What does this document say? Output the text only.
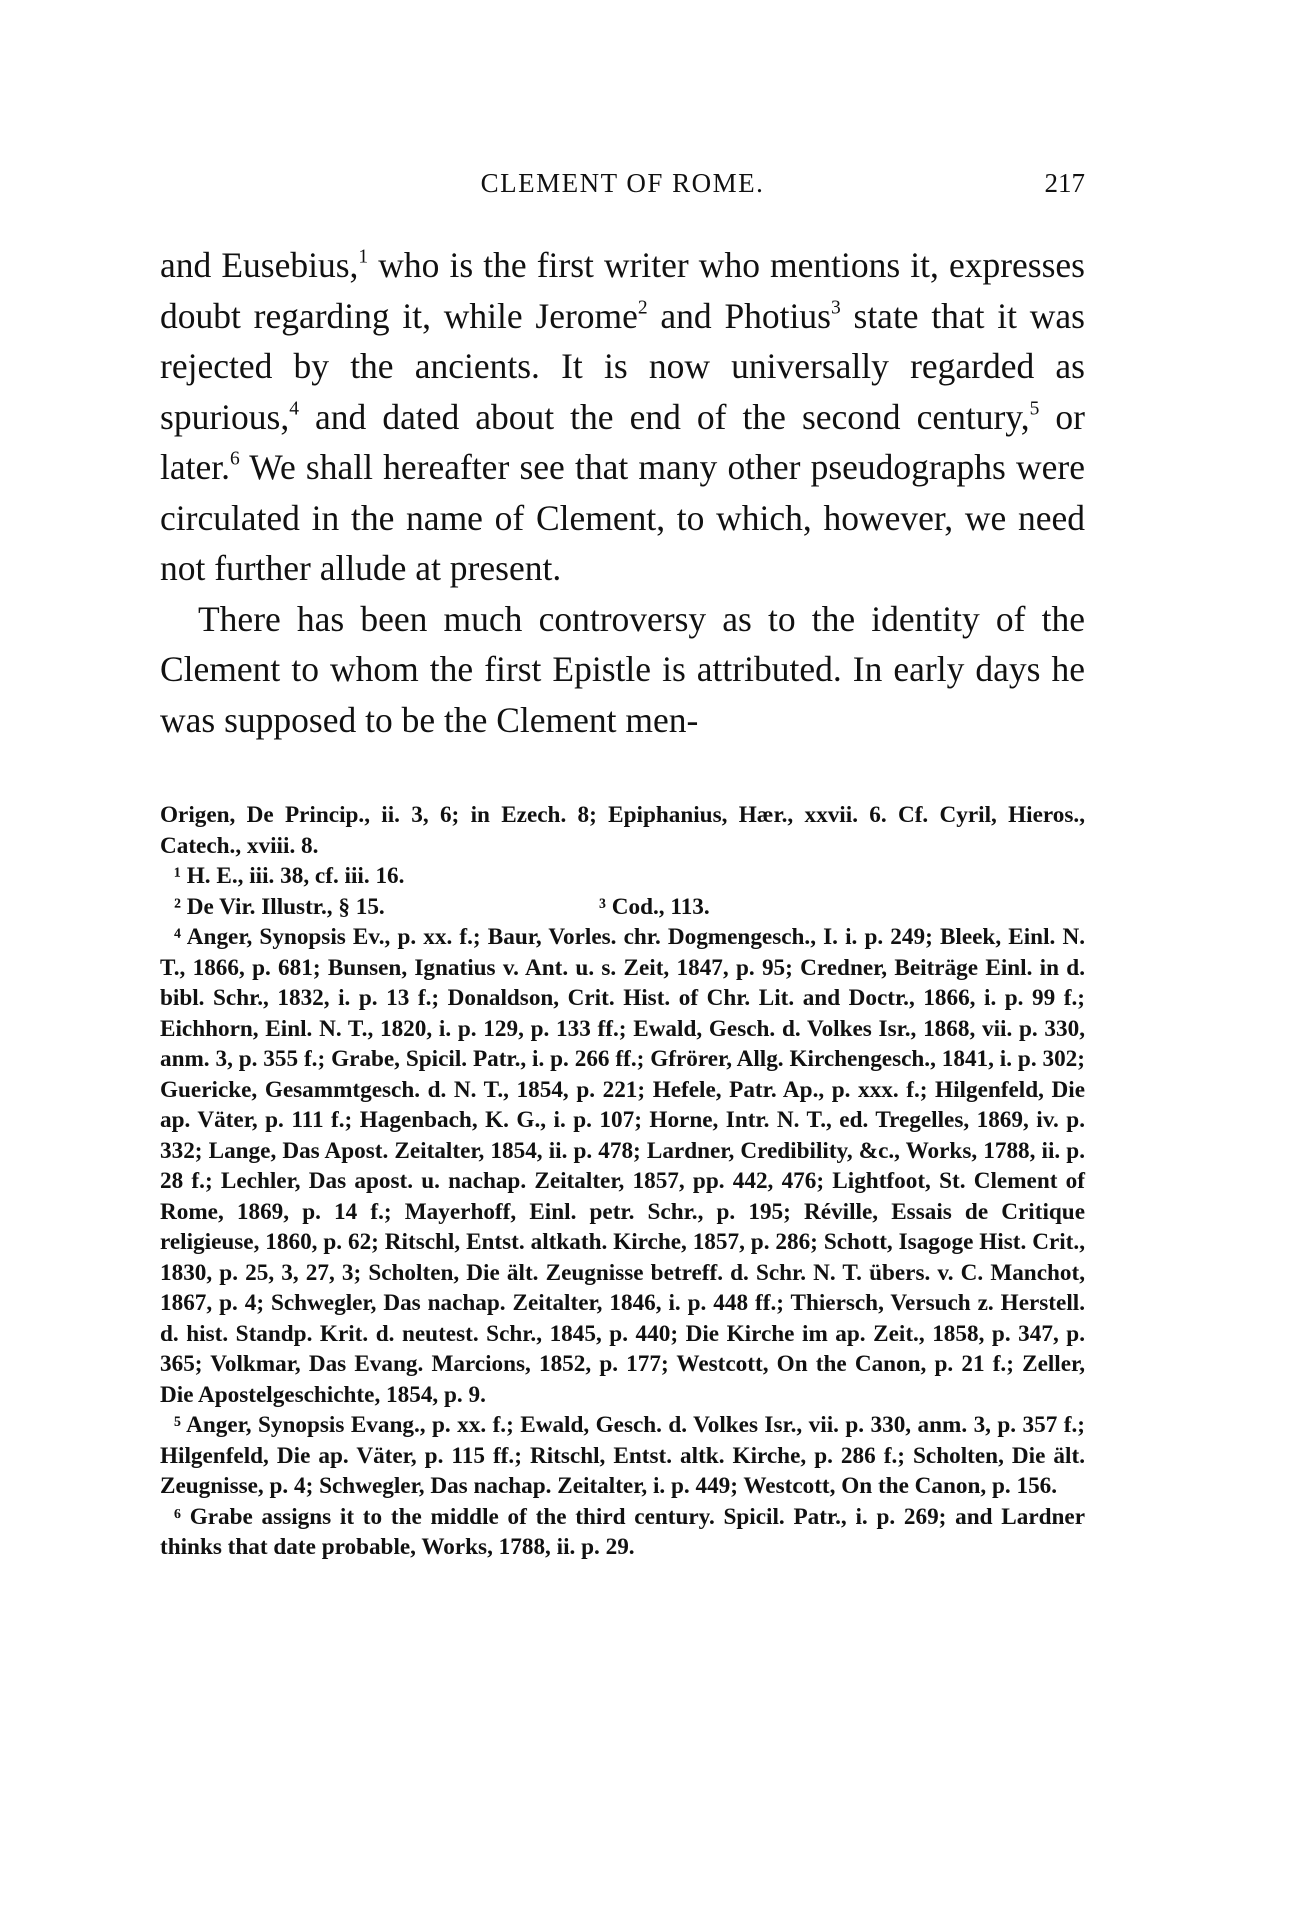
CLEMENT OF ROME.	217

and Eusebius,$^1$ who is the first writer who mentions it, expresses doubt regarding it, while Jerome$^2$ and Photius$^3$ state that it was rejected by the ancients. It is now universally regarded as spurious,$^4$ and dated about the end of the second century,$^5$ or later.$^6$ We shall hereafter see that many other pseudographs were circulated in the name of Clement, to which, however, we need not further allude at present.

There has been much controversy as to the identity of the Clement to whom the first Epistle is attributed. In early days he was supposed to be the Clement men-

Origen, De Princip., ii. 3, 6; in Ezech. 8; Epiphanius, Hær., xxvii. 6. Cf. Cyril, Hieros., Catech., xviii. 8.

¹ H. E., iii. 38, cf. iii. 16.

² De Vir. Illustr., § 15.	³ Cod., 113.

⁴ Anger, Synopsis Ev., p. xx. f.; Baur, Vorles. chr. Dogmengesch., I. i. p. 249; Bleek, Einl. N. T., 1866, p. 681; Bunsen, Ignatius v. Ant. u. s. Zeit, 1847, p. 95; Credner, Beiträge Einl. in d. bibl. Schr., 1832, i. p. 13 f.; Donaldson, Crit. Hist. of Chr. Lit. and Doctr., 1866, i. p. 99 f.; Eichhorn, Einl. N. T., 1820, i. p. 129, p. 133 ff.; Ewald, Gesch. d. Volkes Isr., 1868, vii. p. 330, anm. 3, p. 355 f.; Grabe, Spicil. Patr., i. p. 266 ff.; Gfrörer, Allg. Kirchengesch., 1841, i. p. 302; Guericke, Gesammtgesch. d. N. T., 1854, p. 221; Hefele, Patr. Ap., p. xxx. f.; Hilgenfeld, Die ap. Väter, p. 111 f.; Hagenbach, K. G., i. p. 107; Horne, Intr. N. T., ed. Tregelles, 1869, iv. p. 332; Lange, Das Apost. Zeitalter, 1854, ii. p. 478; Lardner, Credibility, &c., Works, 1788, ii. p. 28 f.; Lechler, Das apost. u. nachap. Zeitalter, 1857, pp. 442, 476; Lightfoot, St. Clement of Rome, 1869, p. 14 f.; Mayerhoff, Einl. petr. Schr., p. 195; Réville, Essais de Critique religieuse, 1860, p. 62; Ritschl, Entst. altkath. Kirche, 1857, p. 286; Schott, Isagoge Hist. Crit., 1830, p. 25, 3, 27, 3; Scholten, Die ält. Zeugnisse betreff. d. Schr. N. T. übers. v. C. Manchot, 1867, p. 4; Schwegler, Das nachap. Zeitalter, 1846, i. p. 448 ff.; Thiersch, Versuch z. Herstell. d. hist. Standp. Krit. d. neutest. Schr., 1845, p. 440; Die Kirche im ap. Zeit., 1858, p. 347, p. 365; Volkmar, Das Evang. Marcions, 1852, p. 177; Westcott, On the Canon, p. 21 f.; Zeller, Die Apostelgeschichte, 1854, p. 9.

⁵ Anger, Synopsis Evang., p. xx. f.; Ewald, Gesch. d. Volkes Isr., vii. p. 330, anm. 3, p. 357 f.; Hilgenfeld, Die ap. Väter, p. 115 ff.; Ritschl, Entst. altk. Kirche, p. 286 f.; Scholten, Die ält. Zeugnisse, p. 4; Schwegler, Das nachap. Zeitalter, i. p. 449; Westcott, On the Canon, p. 156.

⁶ Grabe assigns it to the middle of the third century. Spicil. Patr., i. p. 269; and Lardner thinks that date probable, Works, 1788, ii. p. 29.
